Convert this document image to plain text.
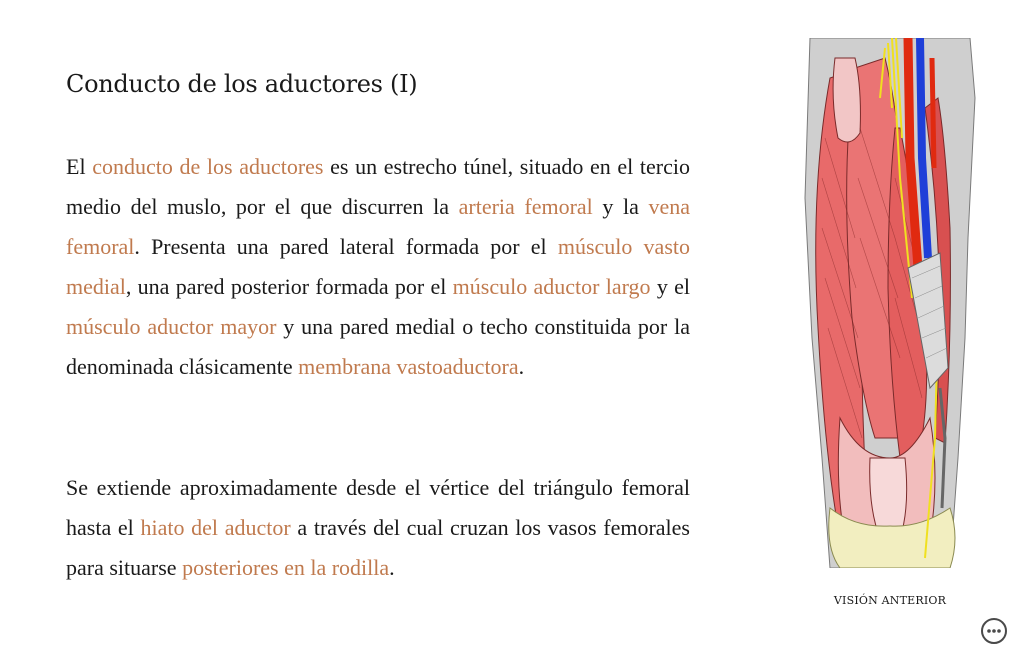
Conducto de los aductores (I)

El conducto de los aductores es un estrecho túnel, situado en el tercio medio del muslo, por el que discurren la arteria femoral y la vena femoral. Presenta una pared lateral formada por el músculo vasto medial, una pared posterior formada por el músculo aductor largo y el músculo aductor mayor y una pared medial o techo constituida por la denominada clásicamente membrana vastoaductora.

Se extiende aproximadamente desde el vértice del triángulo femoral hasta el hiato del aductor a través del cual cruzan los vasos femorales para situarse posteriores en la rodilla.

VISIÓN ANTERIOR
